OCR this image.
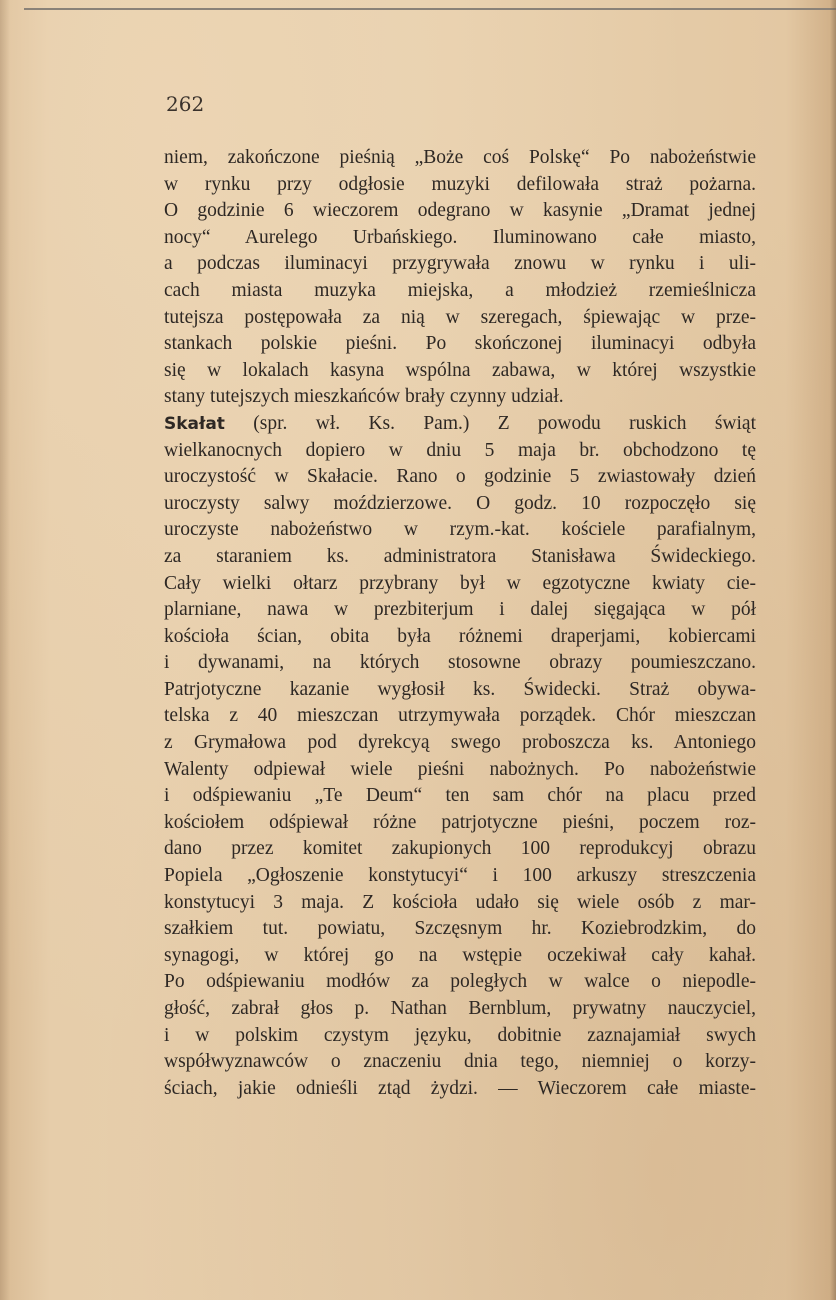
262
niem, zakończone pieśnią „Boże coś Polskę“ Po nabożeństwie
w rynku przy odgłosie muzyki defilowała straż pożarna.
O godzinie 6 wieczorem odegrano w kasynie „Dramat jednej
nocy“ Aurelego Urbańskiego. Iluminowano całe miasto,
a podczas iluminacyi przygrywała znowu w rynku i uli-
cach miasta muzyka miejska, a młodzież rzemieślnicza
tutejsza postępowała za nią w szeregach, śpiewając w prze-
stankach polskie pieśni. Po skończonej iluminacyi odbyła
się w lokalach kasyna wspólna zabawa, w której wszystkie
stany tutejszych mieszkańców brały czynny udział.
Skałat (spr. wł. Ks. Pam.) Z powodu ruskich świąt
wielkanocnych dopiero w dniu 5 maja br. obchodzono tę
uroczystość w Skałacie. Rano o godzinie 5 zwiastowały dzień
uroczysty salwy moździerzowe. O godz. 10 rozpoczęło się
uroczyste nabożeństwo w rzym.-kat. kościele parafialnym,
za staraniem ks. administratora Stanisława Śwideckiego.
Cały wielki ołtarz przybrany był w egzotyczne kwiaty cie-
plarniane, nawa w prezbiterjum i dalej sięgająca w pół
kościoła ścian, obita była różnemi draperjami, kobiercami
i dywanami, na których stosowne obrazy poumieszczano.
Patrjotyczne kazanie wygłosił ks. Świdecki. Straż obywa-
telska z 40 mieszczan utrzymywała porządek. Chór mieszczan
z Grymałowa pod dyrekcyą swego proboszcza ks. Antoniego
Walenty odpiewał wiele pieśni nabożnych. Po nabożeństwie
i odśpiewaniu „Te Deum“ ten sam chór na placu przed
kościołem odśpiewał różne patrjotyczne pieśni, poczem roz-
dano przez komitet zakupionych 100 reprodukcyj obrazu
Popiela „Ogłoszenie konstytucyi“ i 100 arkuszy streszczenia
konstytucyi 3 maja. Z kościoła udało się wiele osób z mar-
szałkiem tut. powiatu, Szczęsnym hr. Koziebrodzkim, do
synagogi, w której go na wstępie oczekiwał cały kahał.
Po odśpiewaniu modłów za poległych w walce o niepodle-
głość, zabrał głos p. Nathan Bernblum, prywatny nauczyciel,
i w polskim czystym języku, dobitnie zaznajamiał swych
współwyznawców o znaczeniu dnia tego, niemniej o korzy-
ściach, jakie odnieśli ztąd żydzi. — Wieczorem całe miaste-
